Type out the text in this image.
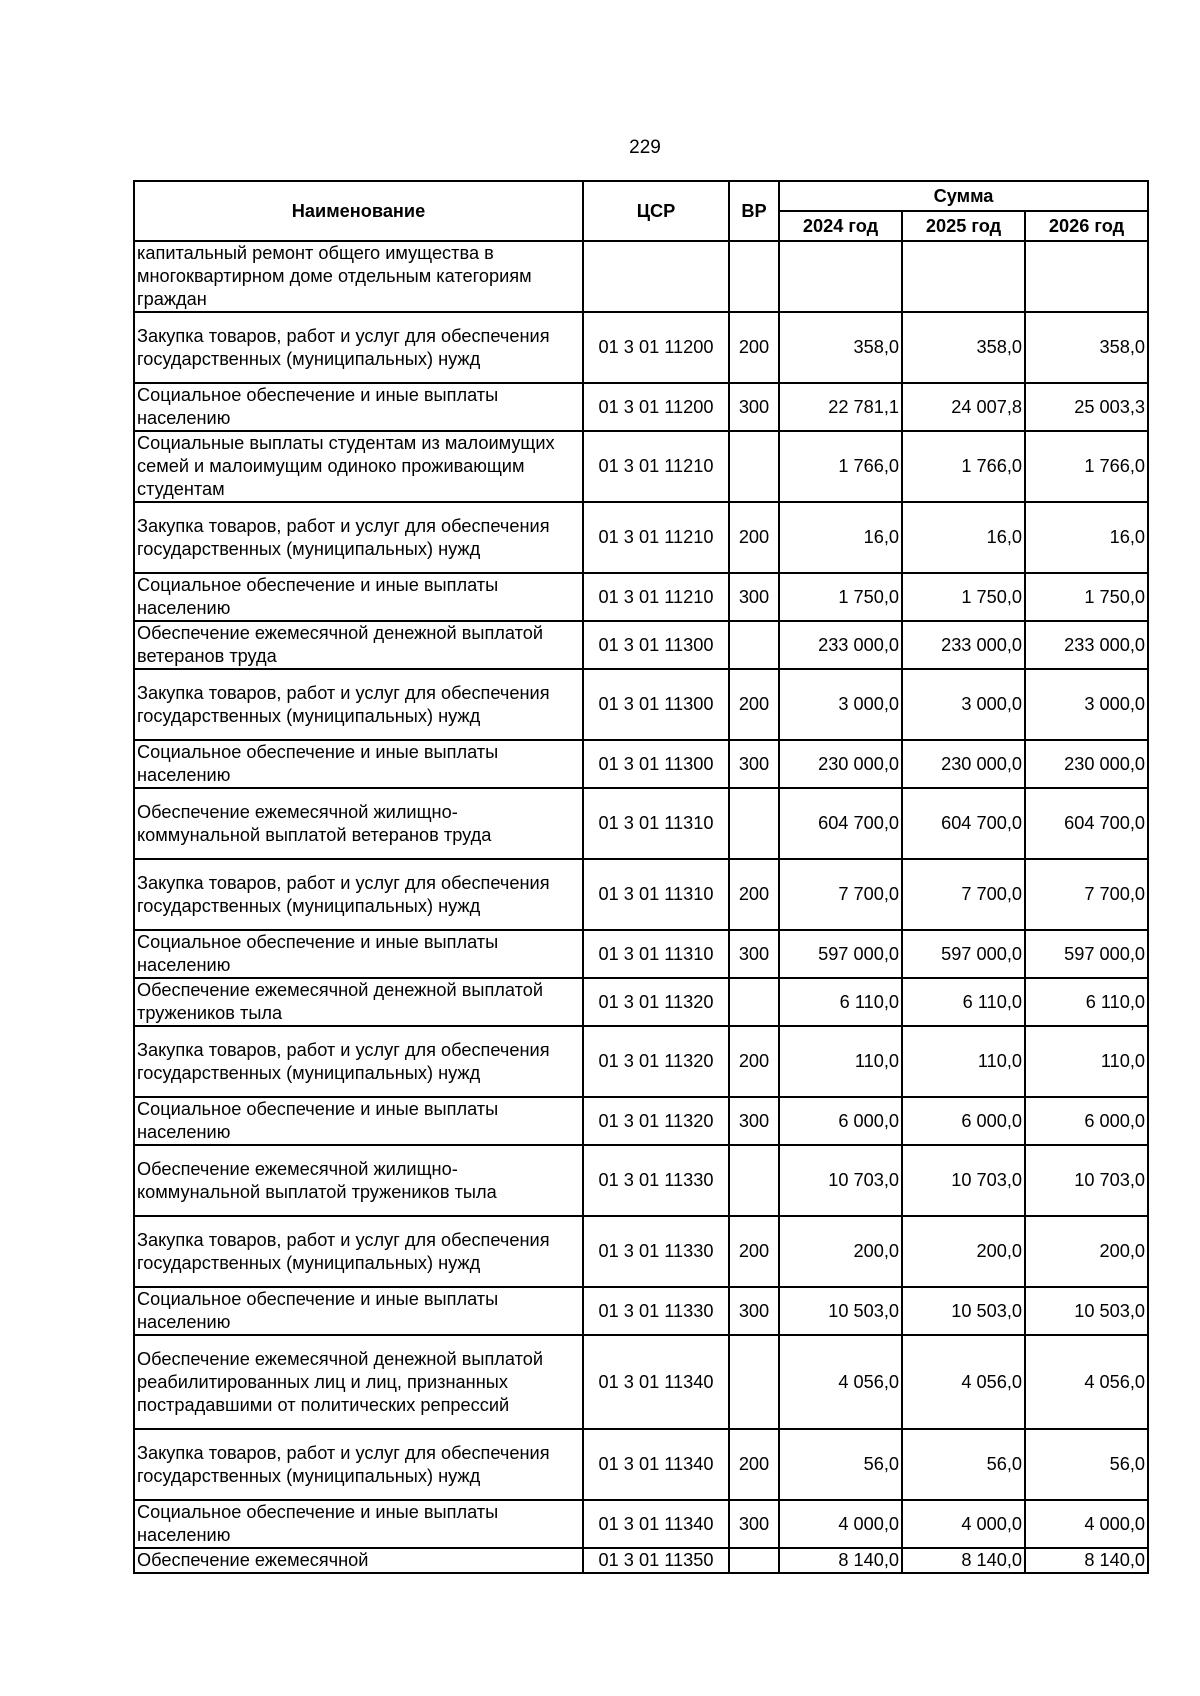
229
Наименование	ЦСР	ВР	Сумма		
			2024 год	2025 год	2026 год
капитальный ремонт общего имущества в многоквартирном доме отдельным категориям граждан					
Закупка товаров, работ и услуг для обеспечения государственных (муниципальных) нужд	01 3 01 11200	200	358,0	358,0	358,0
Социальное обеспечение и иные выплаты населению	01 3 01 11200	300	22 781,1	24 007,8	25 003,3
Социальные выплаты студентам из малоимущих семей и малоимущим одиноко проживающим студентам	01 3 01 11210		1 766,0	1 766,0	1 766,0
Закупка товаров, работ и услуг для обеспечения государственных (муниципальных) нужд	01 3 01 11210	200	16,0	16,0	16,0
Социальное обеспечение и иные выплаты населению	01 3 01 11210	300	1 750,0	1 750,0	1 750,0
Обеспечение ежемесячной денежной выплатой ветеранов труда	01 3 01 11300		233 000,0	233 000,0	233 000,0
Закупка товаров, работ и услуг для обеспечения государственных (муниципальных) нужд	01 3 01 11300	200	3 000,0	3 000,0	3 000,0
Социальное обеспечение и иные выплаты населению	01 3 01 11300	300	230 000,0	230 000,0	230 000,0
Обеспечение ежемесячной жилищно-коммунальной выплатой ветеранов труда	01 3 01 11310		604 700,0	604 700,0	604 700,0
Закупка товаров, работ и услуг для обеспечения государственных (муниципальных) нужд	01 3 01 11310	200	7 700,0	7 700,0	7 700,0
Социальное обеспечение и иные выплаты населению	01 3 01 11310	300	597 000,0	597 000,0	597 000,0
Обеспечение ежемесячной денежной выплатой тружеников тыла	01 3 01 11320		6 110,0	6 110,0	6 110,0
Закупка товаров, работ и услуг для обеспечения государственных (муниципальных) нужд	01 3 01 11320	200	110,0	110,0	110,0
Социальное обеспечение и иные выплаты населению	01 3 01 11320	300	6 000,0	6 000,0	6 000,0
Обеспечение ежемесячной жилищно-коммунальной выплатой тружеников тыла	01 3 01 11330		10 703,0	10 703,0	10 703,0
Закупка товаров, работ и услуг для обеспечения государственных (муниципальных) нужд	01 3 01 11330	200	200,0	200,0	200,0
Социальное обеспечение и иные выплаты населению	01 3 01 11330	300	10 503,0	10 503,0	10 503,0
Обеспечение ежемесячной денежной выплатой реабилитированных лиц и лиц, признанных пострадавшими от политических репрессий	01 3 01 11340		4 056,0	4 056,0	4 056,0
Закупка товаров, работ и услуг для обеспечения государственных (муниципальных) нужд	01 3 01 11340	200	56,0	56,0	56,0
Социальное обеспечение и иные выплаты населению	01 3 01 11340	300	4 000,0	4 000,0	4 000,0
Обеспечение ежемесячной	01 3 01 11350		8 140,0	8 140,0	8 140,0
